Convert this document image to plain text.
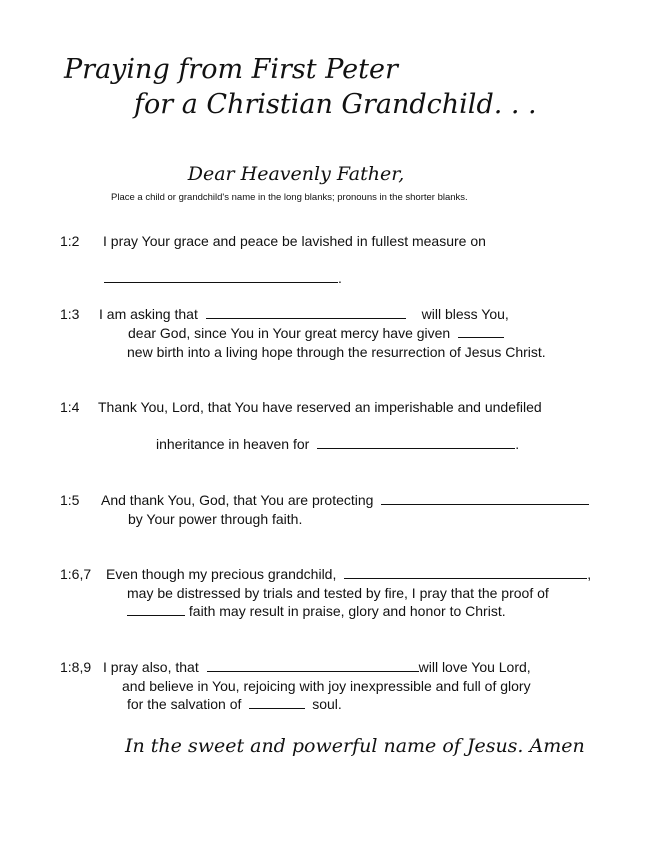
Praying from First Peter
for a Christian Grandchild. . .
Dear Heavenly Father,
Place a child or grandchild's name in the long blanks; pronouns in the shorter blanks.
1:2 I pray Your grace and peace be lavished in fullest measure on
.
1:3 I am asking that	will bless You,
dear God, since You in Your great mercy have given
new birth into a living hope through the resurrection of Jesus Christ.
1:4 Thank You, Lord, that You have reserved an imperishable and undefiled
inheritance in heaven for	.
1:5 And thank You, God, that You are protecting
by Your power through faith.
1:6,7 Even though my precious grandchild,	,
may be distressed by trials and tested by fire, I pray that the proof of
faith may result in praise, glory and honor to Christ.
1:8,9 I pray also, that	will love You Lord,
and believe in You, rejoicing with joy inexpressible and full of glory
for the salvation of	soul.
In the sweet and powerful name of Jesus. Amen
